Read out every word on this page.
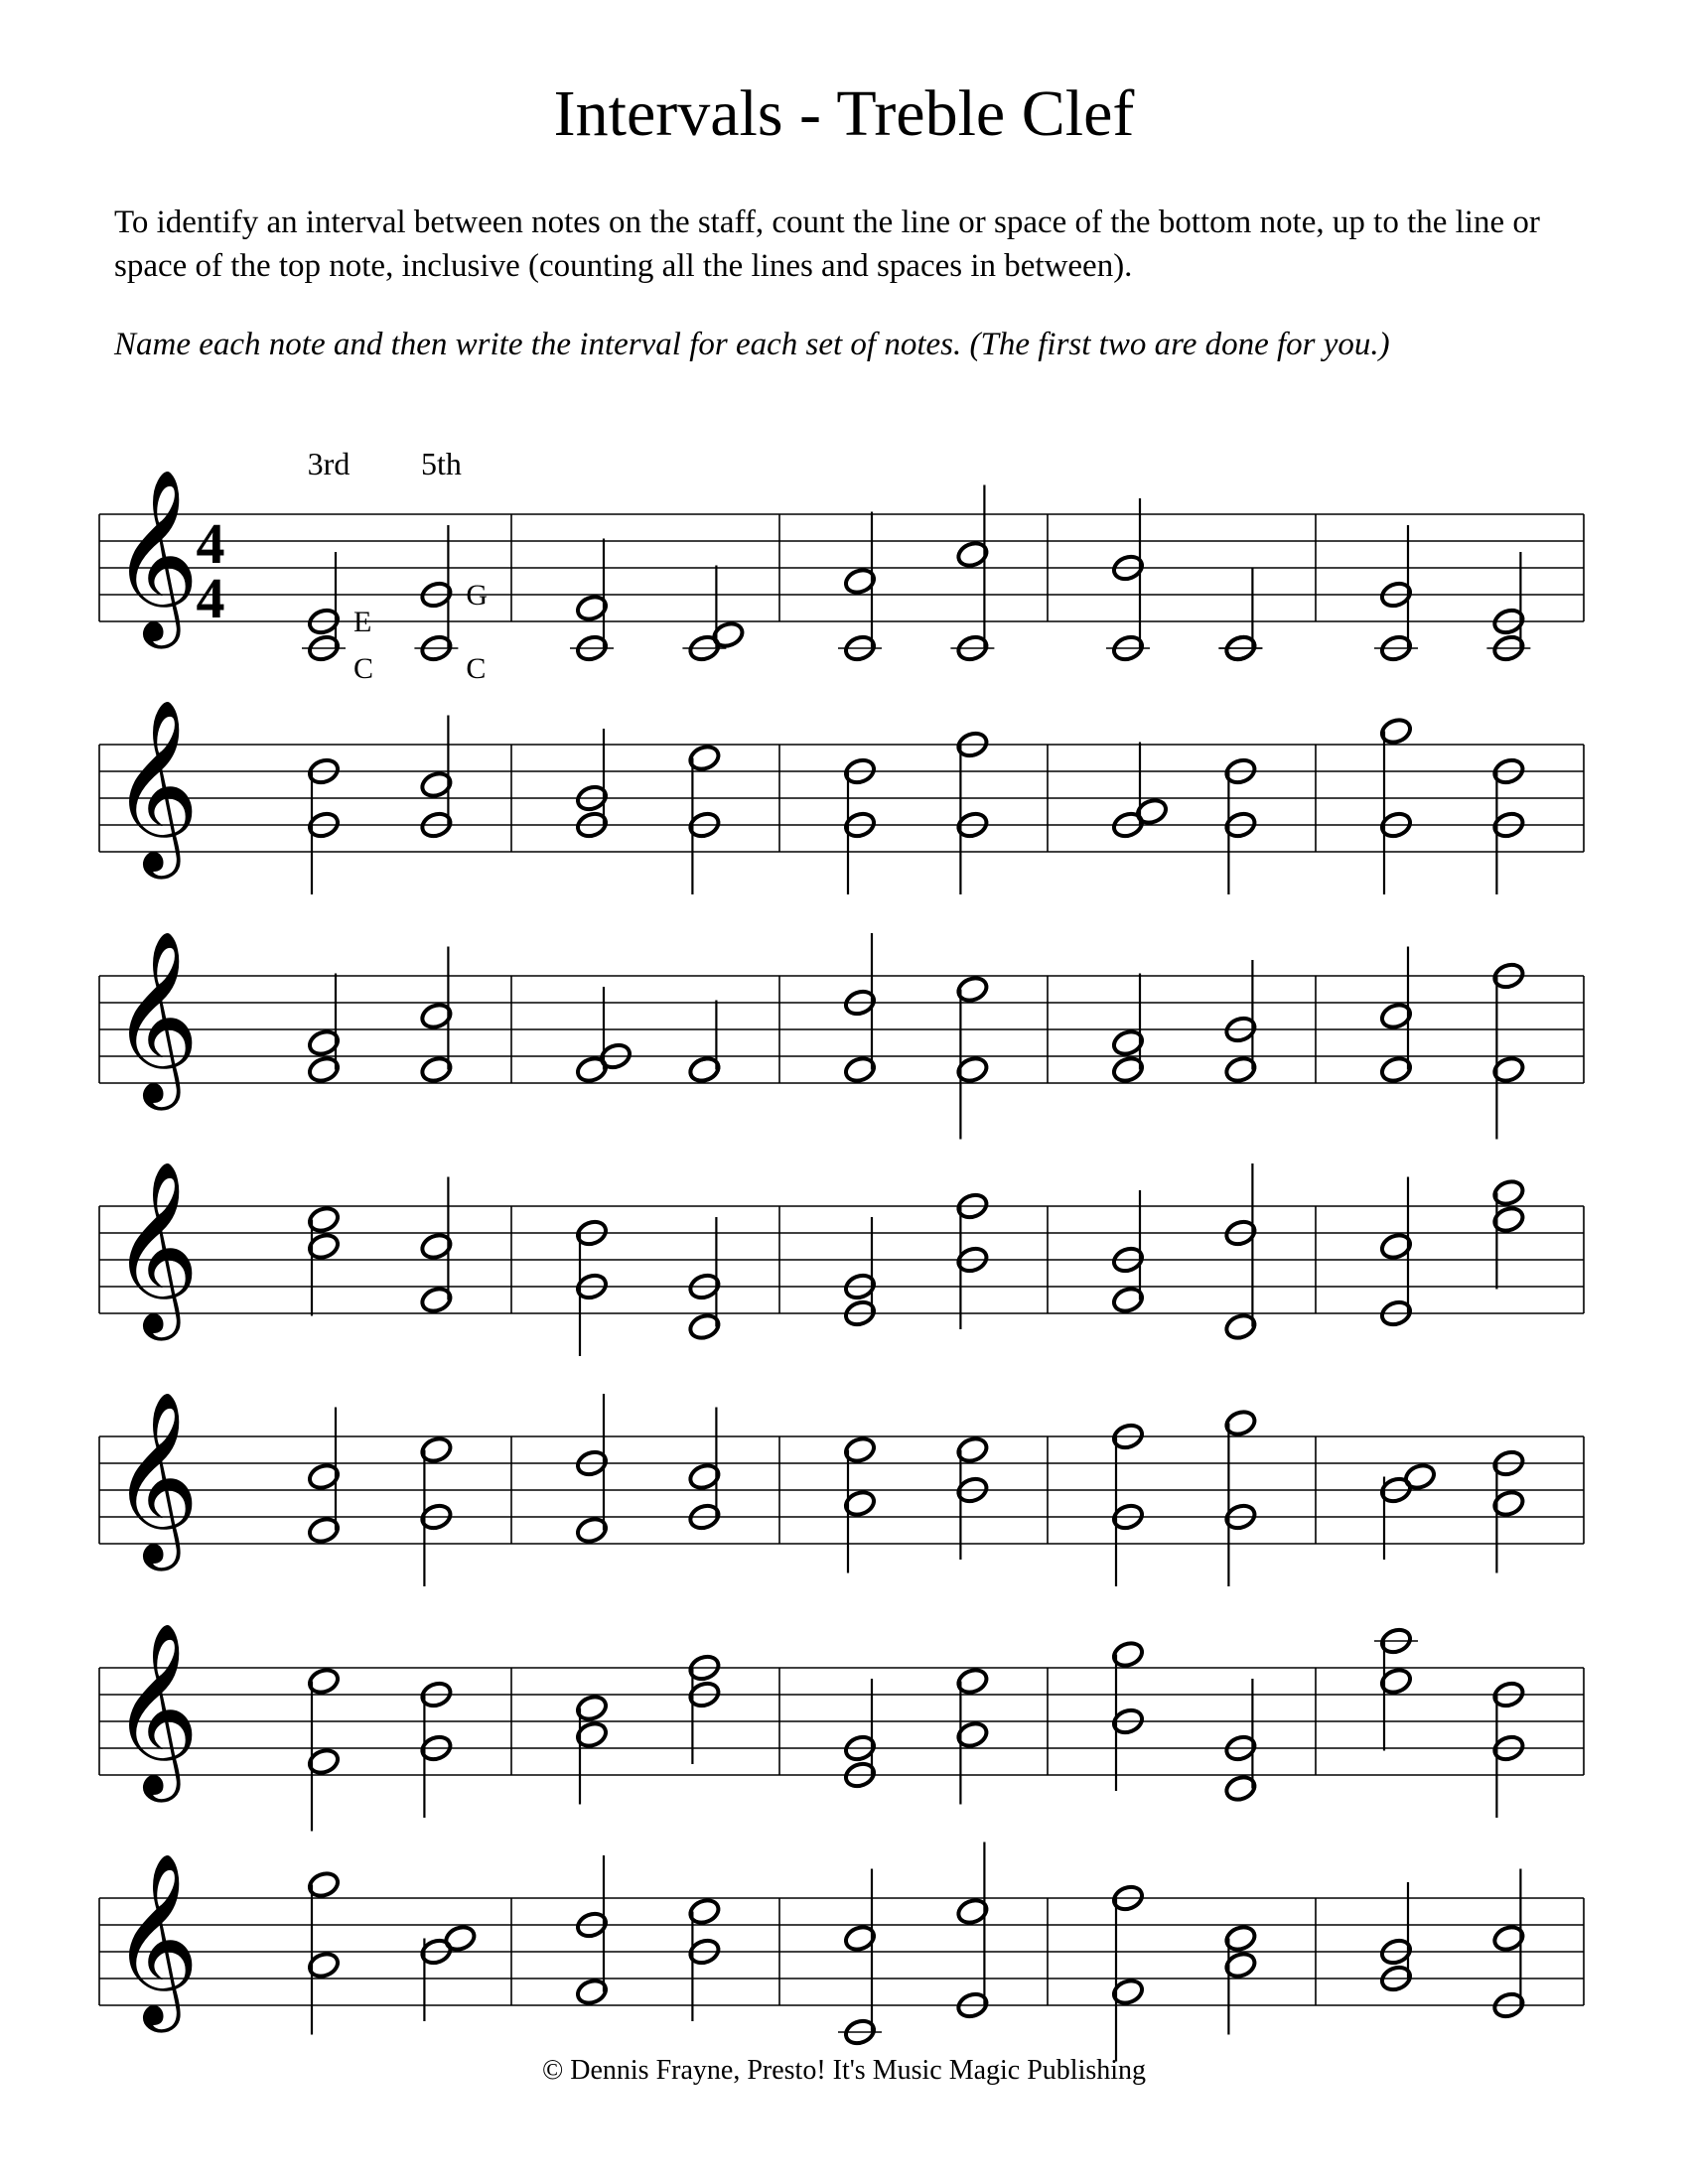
Intervals - Treble Clef
To identify an interval between notes on the staff, count the line or space of the bottom note, up to the line or space of the top note, inclusive (counting all the lines and spaces in between).
Name each note and then write the interval for each set of notes. (The first two are done for you.)
𝄞
4
4
3rd
E
C
5th
G
C
𝄞
𝄞
𝄞
𝄞
𝄞
𝄞
© Dennis Frayne, Presto! It's Music Magic Publishing
